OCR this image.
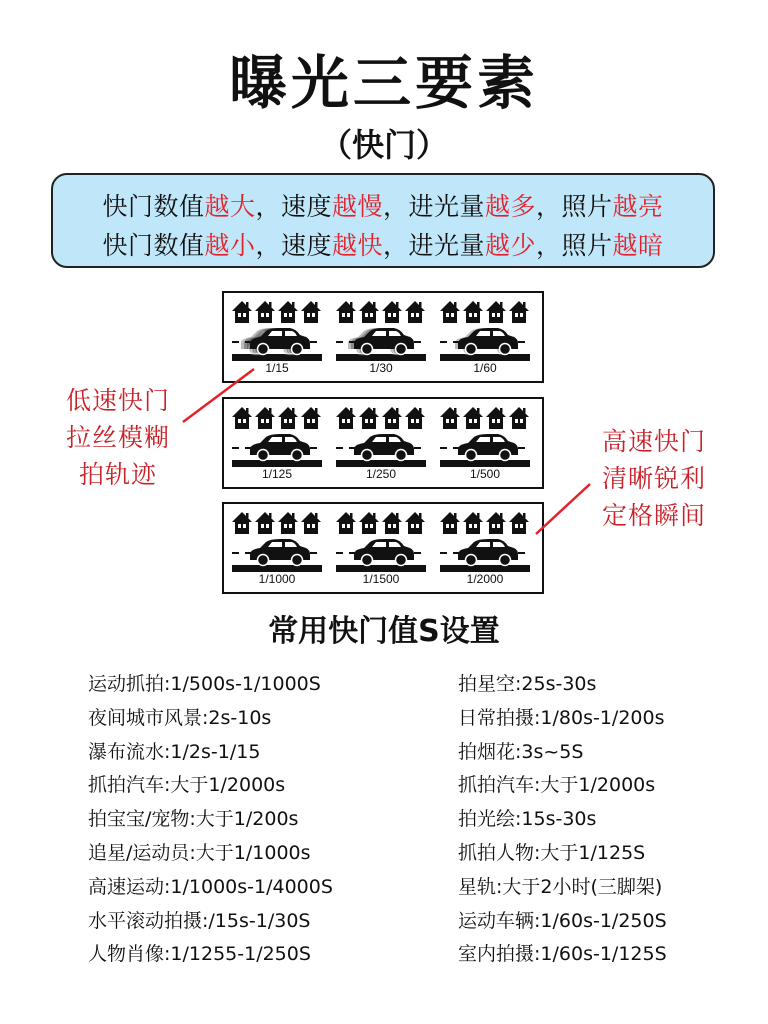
曝光三要素
（快门）
快门数值越大，速度越慢，进光量越多，照片越亮
快门数值越小，速度越快，进光量越少，照片越暗
1/15	1/30	1/60
1/125	1/250	1/500
1/1000	1/1500	1/2000
低速快门
拉丝模糊
拍轨迹
高速快门
清晰锐利
定格瞬间
常用快门值S设置
运动抓拍:1/500s-1/1000S
夜间城市风景:2s-10s
瀑布流水:1/2s-1/15
抓拍汽车:大于1/2000s
拍宝宝/宠物:大于1/200s
追星/运动员:大于1/1000s
高速运动:1/1000s-1/4000S
水平滚动拍摄:/15s-1/30S
人物肖像:1/1255-1/250S
拍星空:25s-30s
日常拍摄:1/80s-1/200s
拍烟花:3s~5S
抓拍汽车:大于1/2000s
拍光绘:15s-30s
抓拍人物:大于1/125S
星轨:大于2小时(三脚架)
运动车辆:1/60s-1/250S
室内拍摄:1/60s-1/125S
